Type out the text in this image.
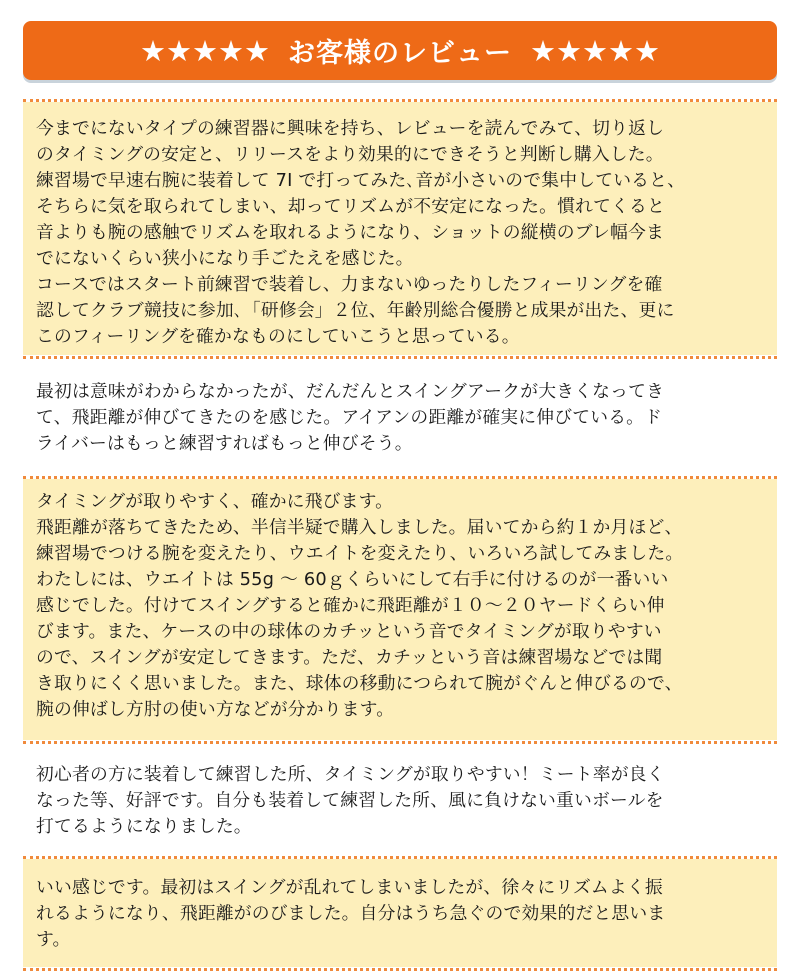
★★★★★ お客様のレビュー ★★★★★

今までにないタイプの練習器に興味を持ち、レビューを読んでみて、切り返し
のタイミングの安定と、リリースをより効果的にできそうと判断し購入した。
練習場で早速右腕に装着して 7I で打ってみた､音が小さいので集中していると、
そちらに気を取られてしまい、却ってリズムが不安定になった。慣れてくると
音よりも腕の感触でリズムを取れるようになり、ショットの縦横のブレ幅今ま
でにないくらい狭小になり手ごたえを感じた。
コースではスタート前練習で装着し、力まないゆったりしたフィーリングを確
認してクラブ競技に参加､「研修会」２位、年齢別総合優勝と成果が出た、更に
このフィーリングを確かなものにしていこうと思っている。

最初は意味がわからなかったが、だんだんとスイングアークが大きくなってき
て、飛距離が伸びてきたのを感じた。アイアンの距離が確実に伸びている。ド
ライバーはもっと練習すればもっと伸びそう。

タイミングが取りやすく、確かに飛びます。
飛距離が落ちてきたため、半信半疑で購入しました。届いてから約１か月ほど、
練習場でつける腕を変えたり、ウエイトを変えたり、いろいろ試してみました。
わたしには、ウエイトは 55g 〜 60ｇくらいにして右手に付けるのが一番いい
感じでした。付けてスイングすると確かに飛距離が１０〜２０ヤードくらい伸
びます。また、ケースの中の球体のカチッという音でタイミングが取りやすい
ので、スイングが安定してきます。ただ、カチッという音は練習場などでは聞
き取りにくく思いました。また、球体の移動につられて腕がぐんと伸びるので、
腕の伸ばし方肘の使い方などが分かります。

初心者の方に装着して練習した所、タイミングが取りやすい！ミート率が良く
なった等、好評です。自分も装着して練習した所、風に負けない重いボールを
打てるようになりました。

いい感じです。最初はスイングが乱れてしまいましたが、徐々にリズムよく振
れるようになり、飛距離がのびました。自分はうち急ぐので効果的だと思いま
す。
